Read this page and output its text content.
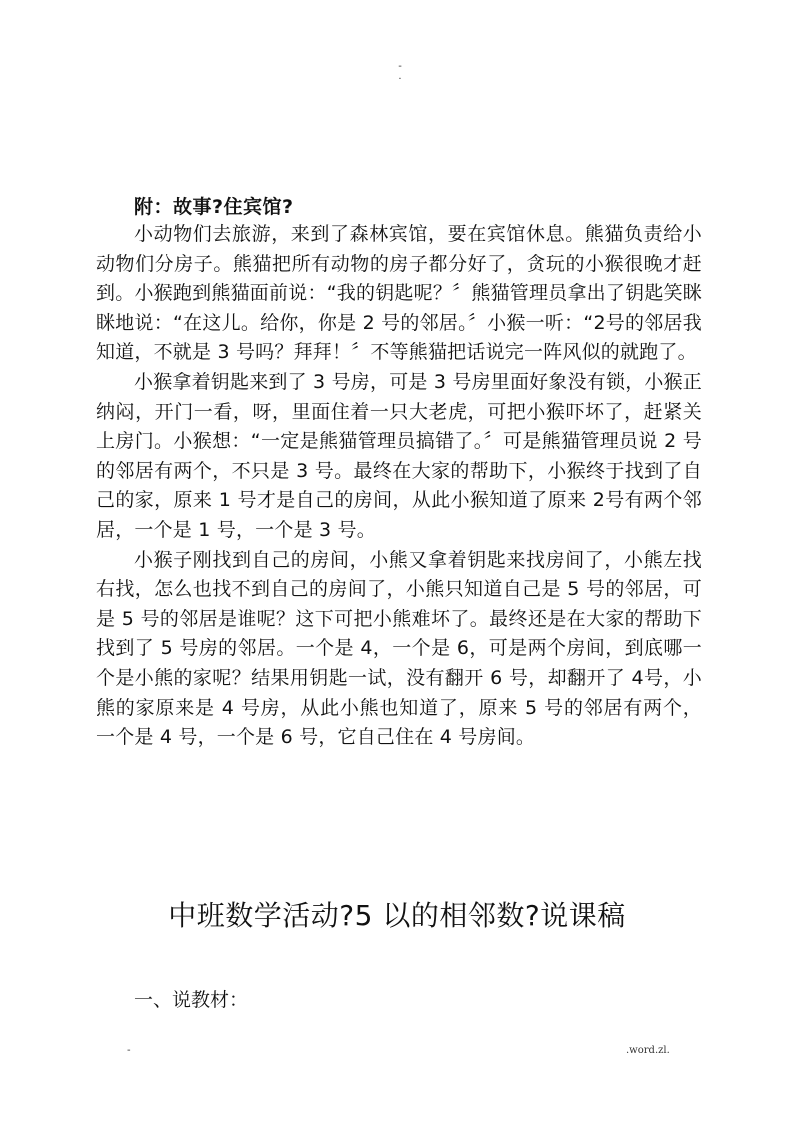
-
.
附：故事?住宾馆?

小动物们去旅游，来到了森林宾馆，要在宾馆休息。熊猫负责给小动物们分房子。熊猫把所有动物的房子都分好了，贪玩的小猴很晚才赶到。小猴跑到熊猫面前说：“我的钥匙呢？〞熊猫管理员拿出了钥匙笑眯眯地说：“在这儿。给你，你是 2 号的邻居。〞小猴一听：“2号的邻居我知道，不就是 3 号吗？拜拜！〞不等熊猫把话说完一阵风似的就跑了。

小猴拿着钥匙来到了 3 号房，可是 3 号房里面好象没有锁，小猴正纳闷，开门一看，呀，里面住着一只大老虎，可把小猴吓坏了，赶紧关上房门。小猴想：“一定是熊猫管理员搞错了。〞可是熊猫管理员说 2 号的邻居有两个，不只是 3 号。最终在大家的帮助下，小猴终于找到了自己的家，原来 1 号才是自己的房间，从此小猴知道了原来 2号有两个邻居，一个是 1 号，一个是 3 号。

小猴子刚找到自己的房间，小熊又拿着钥匙来找房间了，小熊左找右找，怎么也找不到自己的房间了，小熊只知道自己是 5 号的邻居，可是 5 号的邻居是谁呢？这下可把小熊难坏了。最终还是在大家的帮助下找到了 5 号房的邻居。一个是 4，一个是 6，可是两个房间，到底哪一个是小熊的家呢？结果用钥匙一试，没有翻开 6 号，却翻开了 4号，小熊的家原来是 4 号房，从此小熊也知道了，原来 5 号的邻居有两个，一个是 4 号，一个是 6 号，它自己住在 4 号房间。

中班数学活动?5 以的相邻数?说课稿
一、说教材：
-	.word.zl.
